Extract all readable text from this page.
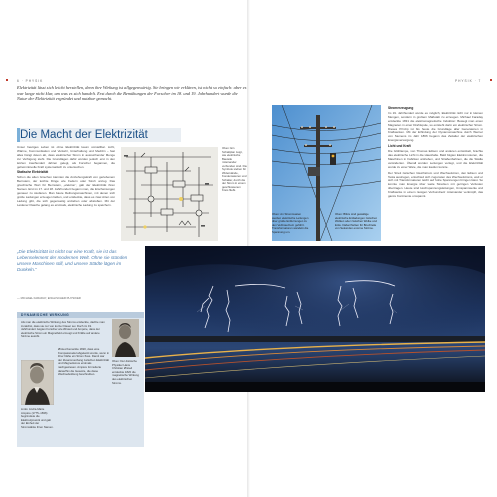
6 · PHYSIK
Elektrizität lässt sich leicht herstellen, denn ihre Wirkung ist allgegenwärtig. Sie bringen wir erklären, ist nicht so einfach: aber es war lange nicht klar, um was es sich handelt. Erst durch die Bemühungen der Forscher im 18. und 19. Jahrhundert wurde die Natur der Elektrizität ergründet und nutzbar gemacht.
Die Macht der Elektrizität

Unser heutiges Leben ist ohne Elektrizität kaum vorstellbar. Licht, Wärme, Kommunikation und Verkehr, Unterhaltung und Medizin – fast alles hängt davon ab, dass elektrischer Strom in ausreichender Menge zur Verfügung steht. Die Grundlagen dafür wurden jedoch erst in den letzten zweihundert Jahren gelegt, als Forscher begannen, die geheimnisvolle Kraft systematisch zu untersuchen.

Statische Elektrizität

Schon die alten Griechen kannten die Anziehungskraft von geriebenem Bernstein, der leichte Dinge wie Federn oder Stroh anzog. Das griechische Wort für Bernstein, „elektron“, gab der Elektrizität ihren Namen. Erst im 17. und 18. Jahrhundert begann man, die Erscheinungen genauer zu studieren. Man baute Reibungsmaschinen, mit denen sich große Ladungen erzeugen ließen, und entdeckte, dass es zwei Arten von Ladung gibt, die sich gegenseitig anziehen oder abstoßen. Mit der Leidener Flasche gelang es erstmals, elektrische Ladung zu speichern.

Oben: Ein Schaltplan zeigt, wie elektrische Bauteile miteinander verbunden sind. Die Symbole stehen für Widerstände, Kondensatoren und Schalter, durch die der Strom in einem geschlossenen Kreis fließt.
„Die Elektrizität ist nicht nur eine Kraft, sie ist das Lebenselement der modernen Welt. Ohne sie stünden unsere Maschinen still, und unsere Städte lägen im Dunkeln.“
— MICHAEL FARADAY, ENGLISCHER PHYSIKER
DYNAMISCHE WIRKUNG
Als man die elektrische Wirkung des Stroms entdeckte, dachte man zunächst, dass sie nur von kurzer Dauer sei. Doch im 19. Jahrhundert zeigten Forscher wie Ørsted und Ampère, dass der elektrische Strom ein Magnetfeld erzeugt und Kräfte auf andere Ströme ausübt.
Ørsted bemerkte 1820, dass eine Kompassnadel abgelenkt wurde, wenn in ihrer Nähe ein Strom floss. Damit war der Zusammenhang zwischen Elektrizität und Magnetismus erstmals nachgewiesen. Ampère formulierte daraufhin die Gesetze, die diese Wechselwirkung beschreiben.
Links: André-Marie Ampère (1775–1836) begründete die Elektrodynamik und gab der Einheit der Stromstärke ihren Namen.
Oben: Der dänische Physiker Hans Christian Ørsted entdeckte 1820 die magnetische Wirkung des elektrischen Stroms.
PHYSIK · 7
Oben: An Strommasten werden elektrische Leitungen über große Entfernungen zu den Verbrauchern geführt. Transformatoren wandeln die Spannung um.
Oben: Blitze sind gewaltige elektrische Entladungen zwischen Wolken oder zwischen Wolke und Erde. Dabei fließen für Bruchteile von Sekunden enorme Ströme.
Stromerzeugung

Im 19. Jahrhundert wurde es möglich, Elektrizität nicht nur in kleinen Mengen, sondern in großem Maßstab zu erzeugen. Michael Faraday entdeckte 1831 die elektromagnetische Induktion: Bewegt man einen Magneten in einer Drahtspule, so entsteht darin ein elektrischer Strom. Dieses Prinzip ist bis heute die Grundlage aller Generatoren in Kraftwerken. Mit der Erfindung der Dynamomaschine durch Werner von Siemens im Jahr 1866 begann das Zeitalter der elektrischen Energieversorgung.

Licht und Kraft

Die Glühlampe, von Thomas Edison und anderen entwickelt, brachte das elektrische Licht in die Haushalte. Bald folgten Elektromotoren, die Maschinen in Fabriken antrieben, und Straßenbahnen, die die Städte veränderten. Überall wurden Leitungen verlegt, und die Elektrizität wurde zu einer Ware, die man kaufen konnte.

Der Streit zwischen Gleichstrom und Wechselstrom, den Edison und Tesla austrugen, entschied sich zugunsten des Wechselstroms, weil er sich mit Transformatoren leicht auf hohe Spannungen bringen lässt. So konnte man Energie über weite Strecken mit geringen Verlusten übertragen. Heute sind Hochspannungsleitungen, Umspannwerke und Kraftwerke in einem riesigen Verbundnetz miteinander verknüpft, das ganze Kontinente umspannt.
